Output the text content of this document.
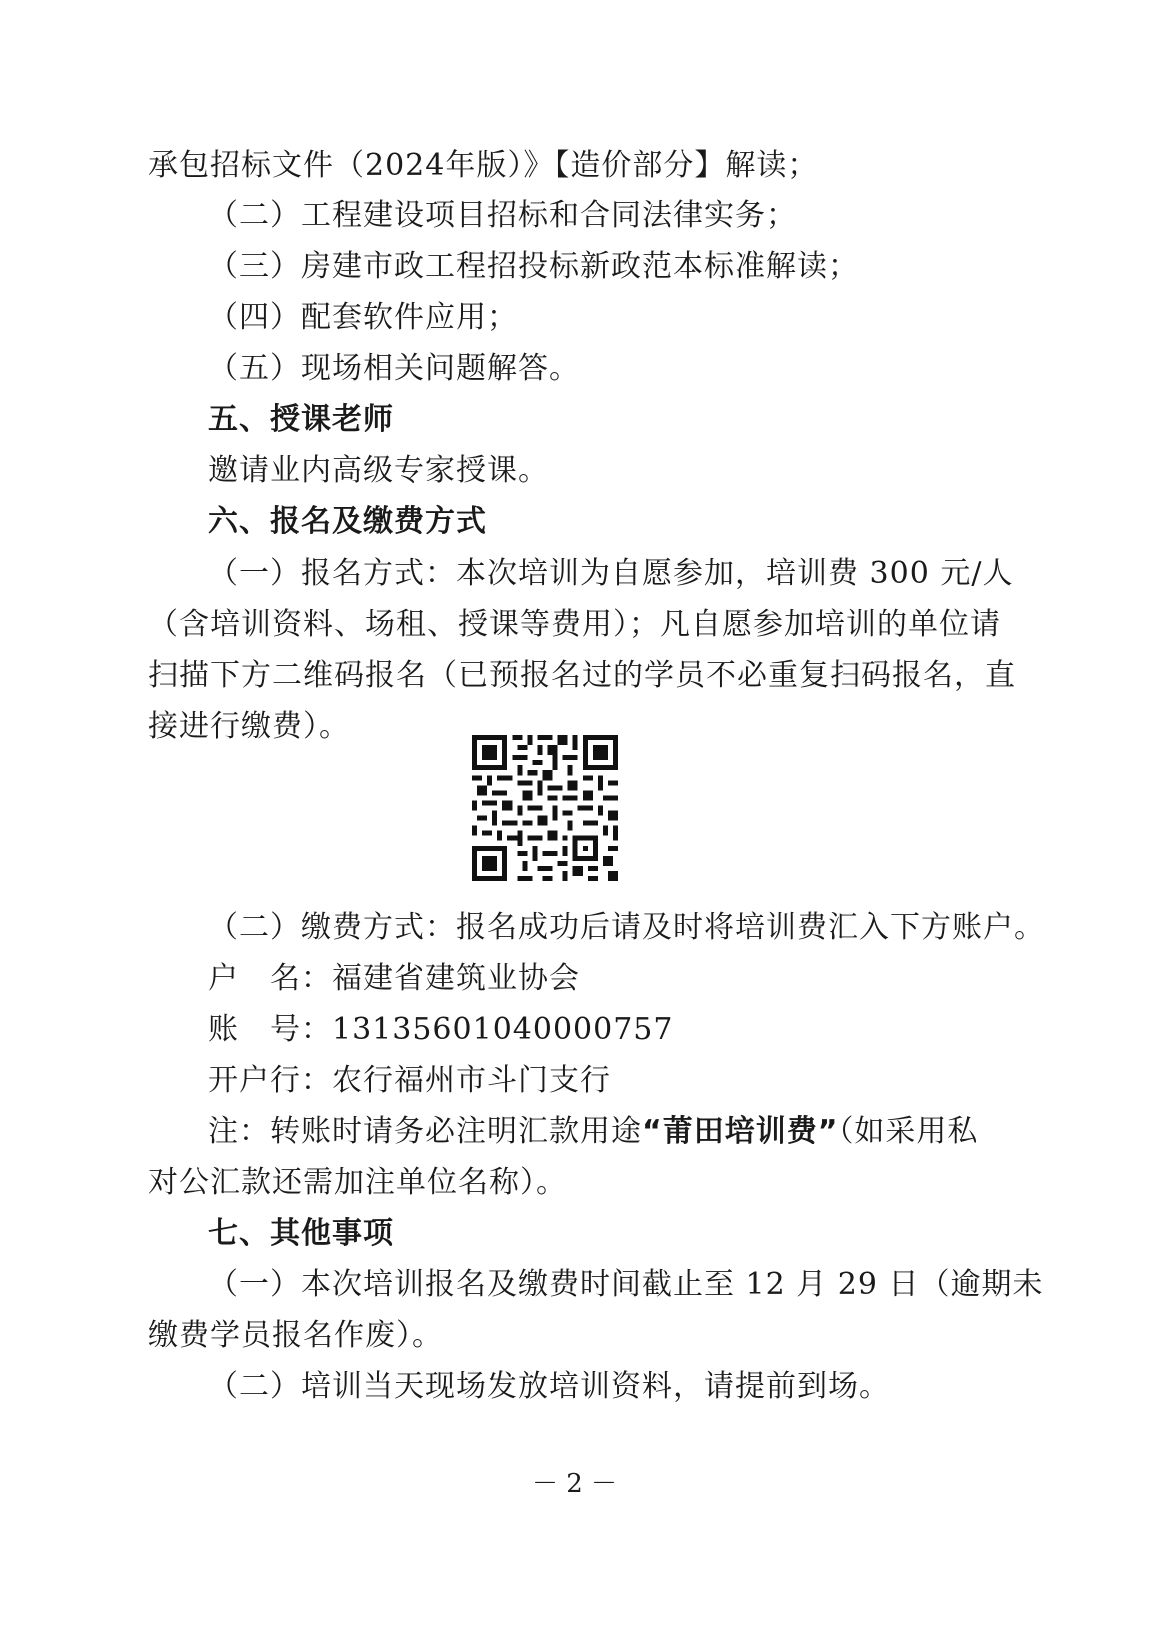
承包招标文件（2024年版）》【造价部分】解读；
（二）工程建设项目招标和合同法律实务；
（三）房建市政工程招投标新政范本标准解读；
（四）配套软件应用；
（五）现场相关问题解答。
五、授课老师
邀请业内高级专家授课。
六、报名及缴费方式
（一）报名方式：本次培训为自愿参加，培训费 300 元/人
（含培训资料、场租、授课等费用）；凡自愿参加培训的单位请
扫描下方二维码报名（已预报名过的学员不必重复扫码报名，直
接进行缴费）。
（二）缴费方式：报名成功后请及时将培训费汇入下方账户。
户　名：福建省建筑业协会
账　号：13135601040000757
开户行：农行福州市斗门支行
注：转账时请务必注明汇款用途“莆田培训费”（如采用私
对公汇款还需加注单位名称）。
七、其他事项
（一）本次培训报名及缴费时间截止至 12 月 29 日（逾期未
缴费学员报名作废）。
（二）培训当天现场发放培训资料，请提前到场。
－ 2 －
